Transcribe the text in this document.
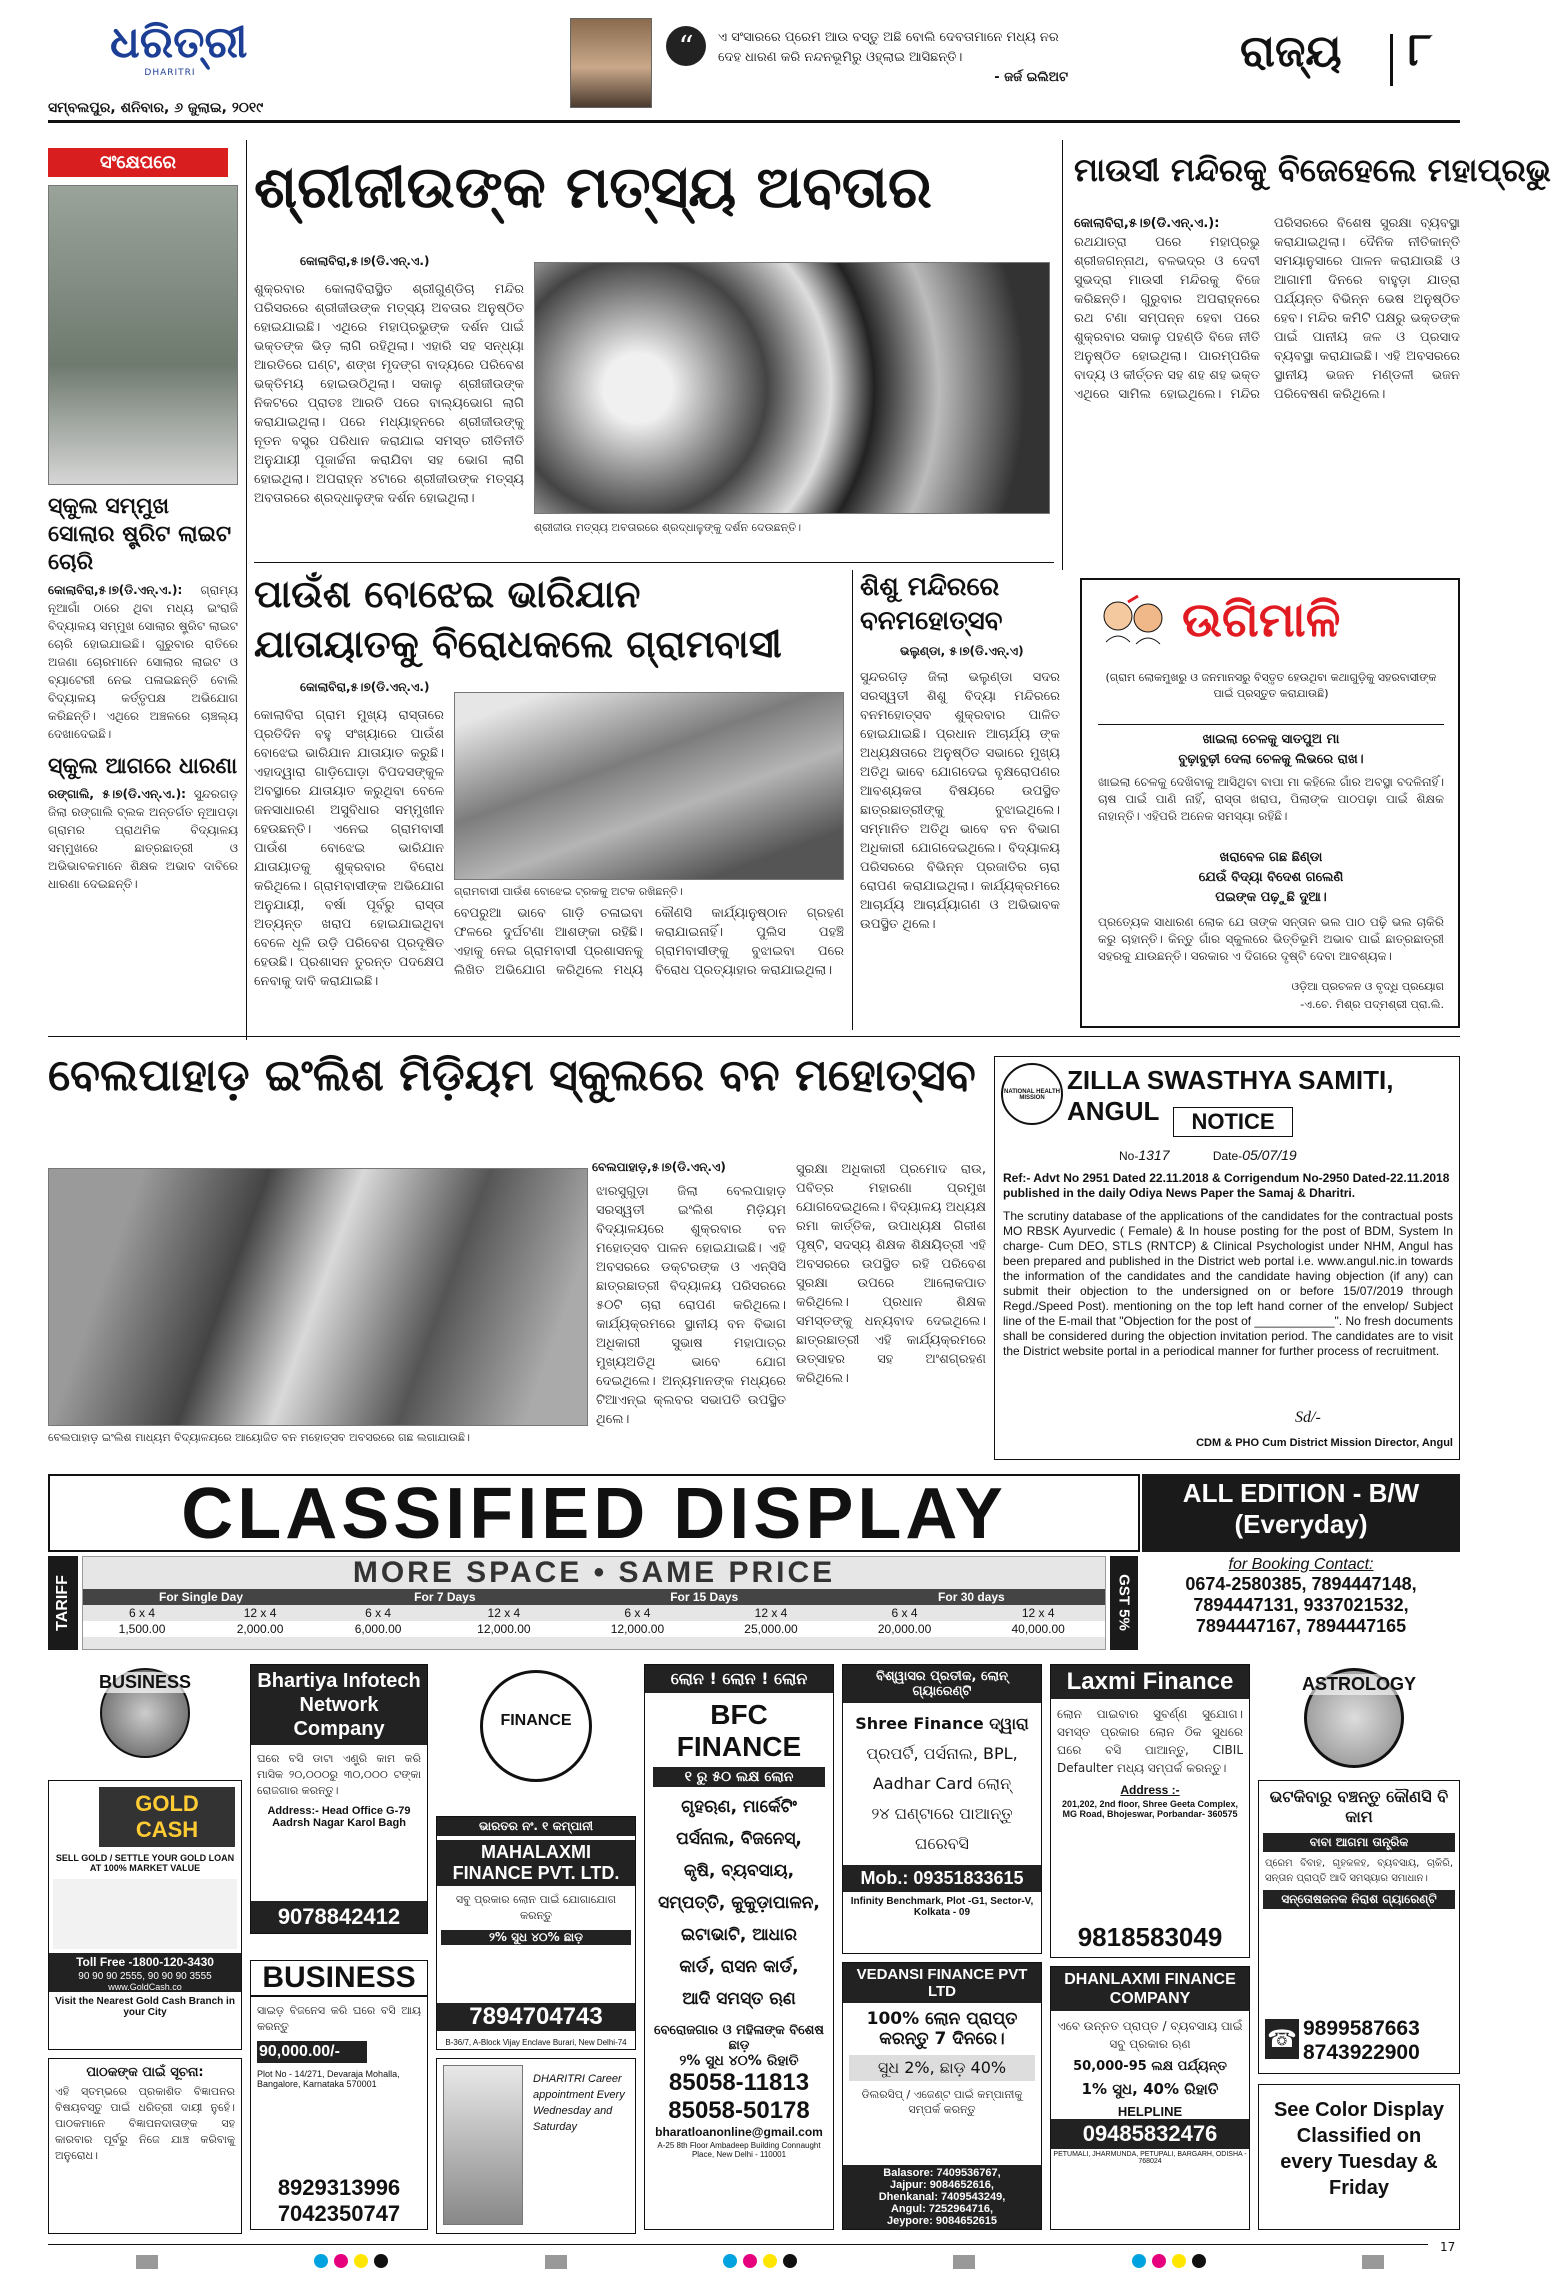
ଧରିତ୍ରୀ
DHARITRI
“	ଏ ସଂସାରରେ ପ୍ରେମ ଆଉ ବସ୍ତୁ ଅଛି ବୋଲି ଦେବତାମାନେ ମଧ୍ୟ ନର
ଦେହ ଧାରଣ କରି ନନ୍ଦନଭୂମିରୁ ଓହ୍ଲାଇ ଆସିଛନ୍ତି।
- ଜର୍ଜ ଇଲିଅଟ
ରାଜ୍ୟ ୮
ସମ୍ବଲପୁର, ଶନିବାର, ୬ ଜୁଲାଇ, ୨୦୧୯
ସଂକ୍ଷେପରେ
ସ୍କୁଲ ସମ୍ମୁଖ ସୋଲାର ଷ୍ଟ୍ରିଟ ଲାଇଟ ଚୋରି
କୋଲାବିରା,୫।୭(ଡି.ଏନ୍.ଏ.): ଗ୍ରାମ୍ୟ ନୂଆଗାଁ ଠାରେ ଥିବା ମଧ୍ୟ ଇଂରାଜି ବିଦ୍ୟାଳୟ ସମ୍ମୁଖ ସୋଲାର ଷ୍ଟ୍ରିଟ ଲାଇଟ ଚୋରି ହୋଇଯାଇଛି। ଗୁରୁବାର ରାତିରେ ଅଜଣା ଚୋରମାନେ ସୋଲାର ଲାଇଟ ଓ ବ୍ୟାଟେରୀ ନେଇ ପଳାଇଛନ୍ତି ବୋଲି ବିଦ୍ୟାଳୟ କର୍ତ୍ତୃପକ୍ଷ ଅଭିଯୋଗ କରିଛନ୍ତି। ଏଥିରେ ଅଞ୍ଚଳରେ ଚାଞ୍ଚଲ୍ୟ ଦେଖାଦେଇଛି।
ସ୍କୁଲ ଆଗରେ ଧାରଣା
ରଙ୍ଗାଲି, ୫।୭(ଡି.ଏନ୍.ଏ.): ସୁନ୍ଦରଗଡ଼ ଜିଲା ରଙ୍ଗାଲି ବ୍ଲକ ଅନ୍ତର୍ଗତ ନୂଆପଡ଼ା ଗ୍ରାମର ପ୍ରାଥମିକ ବିଦ୍ୟାଳୟ ସମ୍ମୁଖରେ ଛାତ୍ରଛାତ୍ରୀ ଓ ଅଭିଭାବକମାନେ ଶିକ୍ଷକ ଅଭାବ ଦାବିରେ ଧାରଣା ଦେଇଛନ୍ତି।
ଶ୍ରୀଜୀଉଙ୍କ ମତ୍ସ୍ୟ ଅବତାର
କୋଲାବିରା,୫।୭(ଡି.ଏନ୍.ଏ.)
ଶୁକ୍ରବାର କୋଲାବିରାସ୍ଥିତ ଶ୍ରୀଗୁଣ୍ଡିଚା ମନ୍ଦିର ପରିସରରେ ଶ୍ରୀଜୀଉଙ୍କ ମତ୍ସ୍ୟ ଅବତାର ଅନୁଷ୍ଠିତ ହୋଇଯାଇଛି। ଏଥିରେ ମହାପ୍ରଭୁଙ୍କ ଦର୍ଶନ ପାଇଁ ଭକ୍ତଙ୍କ ଭିଡ଼ ଲାଗି ରହିଥିଲା। ଏହାରି ସହ ସନ୍ଧ୍ୟା ଆରତିରେ ଘଣ୍ଟ, ଶଙ୍ଖ ମୃଦଙ୍ଗ ବାଦ୍ୟରେ ପରିବେଶ ଭକ୍ତିମୟ ହୋଇଉଠିଥିଲା। ସକାଳୁ ଶ୍ରୀଜୀଉଙ୍କ ନିକଟରେ ପ୍ରାତଃ ଆରତି ପରେ ବାଲ୍ୟଭୋଗ ଲାଗି କରାଯାଇଥିଲା। ପରେ ମଧ୍ୟାହ୍ନରେ ଶ୍ରୀଜୀଉଙ୍କୁ ନୂତନ ବସ୍ତ୍ର ପରିଧାନ କରାଯାଇ ସମସ୍ତ ରୀତିନୀତି ଅନୁଯାୟୀ ପୂଜାର୍ଚ୍ଚନା କରାଯିବା ସହ ଭୋଗ ଲାଗି ହୋଇଥିଲା। ଅପରାହ୍ନ ୪ଟାରେ ଶ୍ରୀଜୀଉଙ୍କ ମତ୍ସ୍ୟ ଅବତାରରେ ଶ୍ରଦ୍ଧାଳୁଙ୍କ ଦର୍ଶନ ହୋଇଥିଲା।
ଶ୍ରୀଜୀଉ ମତ୍ସ୍ୟ ଅବତାରରେ ଶ୍ରଦ୍ଧାଳୁଙ୍କୁ ଦର୍ଶନ ଦେଉଛନ୍ତି।
ମାଉସୀ ମନ୍ଦିରକୁ ବିଜେହେଲେ ମହାପ୍ରଭୁ
କୋଲାବିରା,୫।୭(ଡି.ଏନ୍.ଏ.): ରଥଯାତ୍ରା ପରେ ମହାପ୍ରଭୁ ଶ୍ରୀଜଗନ୍ନାଥ, ବଳଭଦ୍ର ଓ ଦେବୀ ସୁଭଦ୍ରା ମାଉସୀ ମନ୍ଦିରକୁ ବିଜେ କରିଛନ୍ତି। ଗୁରୁବାର ଅପରାହ୍ନରେ ରଥ ଟଣା ସମ୍ପନ୍ନ ହେବା ପରେ ଶୁକ୍ରବାର ସକାଳୁ ପହଣ୍ଡି ବିଜେ ନୀତି ଅନୁଷ୍ଠିତ ହୋଇଥିଲା। ପାରମ୍ପରିକ ବାଦ୍ୟ ଓ କୀର୍ତ୍ତନ ସହ ଶହ ଶହ ଭକ୍ତ ଏଥିରେ ସାମିଲ ହୋଇଥିଲେ। ମନ୍ଦିର ପରିସରରେ ବିଶେଷ ସୁରକ୍ଷା ବ୍ୟବସ୍ଥା କରାଯାଇଥିଲା। ଦୈନିକ ନୀତିକାନ୍ତି ସମୟାନୁସାରେ ପାଳନ କରାଯାଉଛି ଓ ଆଗାମୀ ଦିନରେ ବାହୁଡ଼ା ଯାତ୍ରା ପର୍ଯ୍ୟନ୍ତ ବିଭିନ୍ନ ଭେଷ ଅନୁଷ୍ଠିତ ହେବ। ମନ୍ଦିର କମିଟି ପକ୍ଷରୁ ଭକ୍ତଙ୍କ ପାଇଁ ପାନୀୟ ଜଳ ଓ ପ୍ରସାଦ ବ୍ୟବସ୍ଥା କରାଯାଇଛି। ଏହି ଅବସରରେ ସ୍ଥାନୀୟ ଭଜନ ମଣ୍ଡଳୀ ଭଜନ ପରିବେଷଣ କରିଥିଲେ।
ପାଉଁଶ ବୋଝେଇ ଭାରିଯାନ
ଯାତାୟାତକୁ ବିରୋଧକଲେ ଗ୍ରାମବାସୀ
କୋଲାବିରା,୫।୭(ଡି.ଏନ୍.ଏ.)
କୋଲାବିରା ଗ୍ରାମ ମୁଖ୍ୟ ରାସ୍ତାରେ ପ୍ରତିଦିନ ବହୁ ସଂଖ୍ୟାରେ ପାଉଁଶ ବୋଝେଇ ଭାରିଯାନ ଯାତାୟାତ କରୁଛି। ଏହାଦ୍ୱାରା ଗାଡ଼ିଘୋଡ଼ା ବିପଦସଙ୍କୁଳ ଅବସ୍ଥାରେ ଯାତାୟାତ କରୁଥିବା ବେଳେ ଜନସାଧାରଣ ଅସୁବିଧାର ସମ୍ମୁଖୀନ ହେଉଛନ୍ତି। ଏନେଇ ଗ୍ରାମବାସୀ ପାଉଁଶ ବୋଝେଇ ଭାରିଯାନ ଯାତାୟାତକୁ ଶୁକ୍ରବାର ବିରୋଧ କରିଥିଲେ। ଗ୍ରାମବାସୀଙ୍କ ଅଭିଯୋଗ ଅନୁଯାୟୀ, ବର୍ଷା ପୂର୍ବରୁ ରାସ୍ତା ଅତ୍ୟନ୍ତ ଖରାପ ହୋଇଯାଇଥିବା ବେଳେ ଧୂଳି ଉଡ଼ି ପରିବେଶ ପ୍ରଦୂଷିତ ହେଉଛି। ପ୍ରଶାସନ ତୁରନ୍ତ ପଦକ୍ଷେପ ନେବାକୁ ଦାବି କରାଯାଇଛି।
ଗ୍ରାମବାସୀ ପାଉଁଶ ବୋଝେଇ ଟ୍ରକକୁ ଅଟକ ରଖିଛନ୍ତି।
ବେପରୁଆ ଭାବେ ଗାଡ଼ି ଚଳାଇବା ଫଳରେ ଦୁର୍ଘଟଣା ଆଶଙ୍କା ରହିଛି। ଏହାକୁ ନେଇ ଗ୍ରାମବାସୀ ପ୍ରଶାସନକୁ ଲିଖିତ ଅଭିଯୋଗ କରିଥିଲେ ମଧ୍ୟ କୌଣସି କାର୍ଯ୍ୟାନୁଷ୍ଠାନ ଗ୍ରହଣ କରାଯାଇନାହିଁ। ପୁଲିସ ପହଞ୍ଚି ଗ୍ରାମବାସୀଙ୍କୁ ବୁଝାଇବା ପରେ ବିରୋଧ ପ୍ରତ୍ୟାହାର କରାଯାଇଥିଲା।
ଶିଶୁ ମନ୍ଦିରରେ ବନମହୋତ୍ସବ
ଭଲୁଣ୍ଡା, ୫।୭(ଡି.ଏନ୍.ଏ)
ସୁନ୍ଦରଗଡ଼ ଜିଲା ଭଲୁଣ୍ଡା ସଦର ସରସ୍ୱତୀ ଶିଶୁ ବିଦ୍ୟା ମନ୍ଦିରରେ ବନମହୋତ୍ସବ ଶୁକ୍ରବାର ପାଳିତ ହୋଇଯାଇଛି। ପ୍ରଧାନ ଆଚାର୍ଯ୍ୟ ଙ୍କ ଅଧ୍ୟକ୍ଷତାରେ ଅନୁଷ୍ଠିତ ସଭାରେ ମୁଖ୍ୟ ଅତିଥି ଭାବେ ଯୋଗଦେଇ ବୃକ୍ଷରୋପଣର ଆବଶ୍ୟକତା ବିଷୟରେ ଉପସ୍ଥିତ ଛାତ୍ରଛାତ୍ରୀଙ୍କୁ ବୁଝାଇଥିଲେ। ସମ୍ମାନିତ ଅତିଥି ଭାବେ ବନ ବିଭାଗ ଅଧିକାରୀ ଯୋଗଦେଇଥିଲେ। ବିଦ୍ୟାଳୟ ପରିସରରେ ବିଭିନ୍ନ ପ୍ରଜାତିର ଚାରା ରୋପଣ କରାଯାଇଥିଲା। କାର୍ଯ୍ୟକ୍ରମରେ ଆଚାର୍ଯ୍ୟ ଆଚାର୍ଯ୍ୟାଗଣ ଓ ଅଭିଭାବକ ଉପସ୍ଥିତ ଥିଲେ।
ଉଗିମାଳି
(ଗ୍ରାମ ଲୋକମୁଖରୁ ଓ ଜନମାନସରୁ ବିସ୍ତୃତ ହେଉଥିବା କଥାଗୁଡ଼ିକୁ ସହରବାସୀଙ୍କ ପାଇଁ ପ୍ରସ୍ତୁତ କରାଯାଉଛି)
ଖାଇଲା ଚେଳକୁ ସାତପୁଅ ମା
ବୁଢ଼ାବୁଢ଼ୀ ଦେଲା ଚେଳକୁ ଲିଭରେ ରାଖ।
ଖାଇଲା ଚେଳକୁ ଦେଖିବାକୁ ଆସିଥିବା ବାପା ମା କହିଲେ ଗାଁର ଅବସ୍ଥା ବଦଳିନାହିଁ। ଚାଷ ପାଇଁ ପାଣି ନାହିଁ, ରାସ୍ତା ଖରାପ, ପିଲାଙ୍କ ପାଠପଢ଼ା ପାଇଁ ଶିକ୍ଷକ ନାହାନ୍ତି। ଏହିପରି ଅନେକ ସମସ୍ୟା ରହିଛି।
ଖରାବେଳ ଗଛ ଛିଣ୍ଡା
ଯେଉଁ ବିଦ୍ୟା ବିଦେଶ ଗଲେଣି
ପଇଙ୍କ ପଢ଼ୁଛି ଦୁଆ।
ପ୍ରତ୍ୟେକ ସାଧାରଣ ଲୋକ ଯେ ତାଙ୍କ ସନ୍ତାନ ଭଲ ପାଠ ପଢ଼ି ଭଲ ଚାକିରି କରୁ ଚାହାନ୍ତି। କିନ୍ତୁ ଗାଁର ସ୍କୁଲରେ ଭିତ୍ତିଭୂମି ଅଭାବ ପାଇଁ ଛାତ୍ରଛାତ୍ରୀ ସହରକୁ ଯାଉଛନ୍ତି। ସରକାର ଏ ଦିଗରେ ଦୃଷ୍ଟି ଦେବା ଆବଶ୍ୟକ।
ଓଡ଼ିଆ ପ୍ରଚଳନ ଓ ବୃଦ୍ଧି ପ୍ରୟୋଗ
-ଏ.ଚେ. ମିଶ୍ର ପଦ୍ମଶ୍ରୀ ପ୍ରା.ଲି.
ବେଲପାହାଡ଼ ଇଂଲିଶ ମିଡ଼ିୟମ ସ୍କୁଲରେ ବନ ମହୋତ୍ସବ
ବେଲପାହାଡ଼ ଇଂଲିଶ ମାଧ୍ୟମ ବିଦ୍ୟାଳୟରେ ଆୟୋଜିତ ବନ ମହୋତ୍ସବ ଅବସରରେ ଗଛ ଲଗାଯାଉଛି।
ବେଲପାହାଡ଼,୫।୭(ଡି.ଏନ୍.ଏ)
ଝାରସୁଗୁଡ଼ା ଜିଲା ବେଲପାହାଡ଼ ସରସ୍ୱତୀ ଇଂଲିଶ ମିଡ଼ିୟମ ବିଦ୍ୟାଳୟରେ ଶୁକ୍ରବାର ବନ ମହୋତ୍ସବ ପାଳନ ହୋଇଯାଇଛି। ଏହି ଅବସରରେ ଡକ୍ଟରଙ୍କ ଓ ଏନ୍ସିସି ଛାତ୍ରଛାତ୍ରୀ ବିଦ୍ୟାଳୟ ପରିସରରେ ୫୦ଟି ଚାରା ରୋପଣ କରିଥିଲେ। କାର୍ଯ୍ୟକ୍ରମରେ ସ୍ଥାନୀୟ ବନ ବିଭାଗ ଅଧିକାରୀ ସୁଭାଷ ମହାପାତ୍ର ମୁଖ୍ୟଅତିଥି ଭାବେ ଯୋଗ ଦେଇଥିଲେ। ଅନ୍ୟମାନଙ୍କ ମଧ୍ୟରେ ଟିଆଏନ୍ଇ କ୍ଲବର ସଭାପତି ଉପସ୍ଥିତ ଥିଲେ।
ସୁରକ୍ଷା ଅଧିକାରୀ ପ୍ରମୋଦ ରାଉ, ପବିତ୍ର ମହାରଣା ପ୍ରମୁଖ ଯୋଗଦେଇଥିଲେ। ବିଦ୍ୟାଳୟ ଅଧ୍ୟକ୍ଷ ରମା କାର୍ତ୍ତିକ, ଉପାଧ୍ୟକ୍ଷ ଗିରୀଶ ପୃଷ୍ଟି, ସଦସ୍ୟ ଶିକ୍ଷକ ଶିକ୍ଷୟିତ୍ରୀ ଏହି ଅବସରରେ ଉପସ୍ଥିତ ରହି ପରିବେଶ ସୁରକ୍ଷା ଉପରେ ଆଲୋକପାତ କରିଥିଲେ। ପ୍ରଧାନ ଶିକ୍ଷକ ସମସ୍ତଙ୍କୁ ଧନ୍ୟବାଦ ଦେଇଥିଲେ। ଛାତ୍ରଛାତ୍ରୀ ଏହି କାର୍ଯ୍ୟକ୍ରମରେ ଉତ୍ସାହର ସହ ଅଂଶଗ୍ରହଣ କରିଥିଲେ।
NATIONAL HEALTH MISSION
ZILLA SWASTHYA SAMITI, ANGUL	NOTICE
No-1317	Date-05/07/19
Ref:- Advt No 2951 Dated 22.11.2018 & Corrigendum No-2950 Dated-22.11.2018 published in the daily Odiya News Paper the Samaj & Dharitri.
The scrutiny database of the applications of the candidates for the contractual posts MO RBSK Ayurvedic ( Female) & In house posting for the post of BDM, System In charge- Cum DEO, STLS (RNTCP) & Clinical Psychologist under NHM, Angul has been prepared and published in the District web portal i.e. www.angul.nic.in towards the information of the candidates and the candidate having objection (if any) can submit their objection to the undersigned on or before 15/07/2019 through Regd./Speed Post). mentioning on the top left hand corner of the envelop/ Subject line of the E-mail that "Objection for the post of ____________". No fresh documents shall be considered during the objection invitation period. The candidates are to visit the District website portal in a periodical manner for further process of recruitment.
Sd/-
CDM & PHO Cum District Mission Director, Angul
CLASSIFIED DISPLAY	ALL EDITION - B/W
(Everyday)
TARIFF
MORE SPACE • SAME PRICE
For Single Day		For 7 Days		For 15 Days		For 30 days	
6 x 4	12 x 4	6 x 4	12 x 4	6 x 4	12 x 4	6 x 4	12 x 4
1,500.00	2,000.00	6,000.00	12,000.00	12,000.00	25,000.00	20,000.00	40,000.00	GST 5%
for Booking Contact:
0674-2580385, 7894447148,
7894447131, 9337021532,
7894447167, 7894447165
BUSINESS
GOLD CASH
SELL GOLD / SETTLE YOUR GOLD LOAN AT 100% MARKET VALUE
Toll Free -1800-120-3430
90 90 90 2555, 90 90 90 3555
www.GoldCash.co
Visit the Nearest Gold Cash Branch in your City
ପାଠକଙ୍କ ପାଇଁ ସୂଚନା:
ଏହି ସ୍ତମ୍ଭରେ ପ୍ରକାଶିତ ବିଜ୍ଞାପନର ବିଷୟବସ୍ତୁ ପାଇଁ ଧରିତ୍ରୀ ଦାୟୀ ନୁହେଁ। ପାଠକମାନେ ବିଜ୍ଞାପନଦାତାଙ୍କ ସହ କାରବାର ପୂର୍ବରୁ ନିଜେ ଯାଞ୍ଚ କରିବାକୁ ଅନୁରୋଧ।
Bhartiya Infotech Network Company
ଘରେ ବସି ଡାଟା ଏଣ୍ଟ୍ରି କାମ କରି ମାସିକ ୨୦,୦୦୦ରୁ ୩୦,୦୦୦ ଟଙ୍କା ରୋଜଗାର କରନ୍ତୁ।
Address:- Head Office G-79 Aadrsh Nagar Karol Bagh
9078842412
BUSINESS
ସାଇଡ଼ ବିଜନେସ କରି ଘରେ ବସି ଆୟ କରନ୍ତୁ
90,000.00/-
Plot No - 14/271, Devaraja Mohalla, Bangalore, Karnataka 570001
8929313996
7042350747
FINANCE
ଭାରତର ନଂ. ୧ କମ୍ପାନୀ
MAHALAXMI FINANCE PVT. LTD.
ସବୁ ପ୍ରକାର ଲୋନ ପାଇଁ ଯୋଗାଯୋଗ କରନ୍ତୁ
୨% ସୁଧ ୪୦% ଛାଡ଼
7894704743
B-36/7, A-Block Vijay Enclave Burari, New Delhi-74
DHARITRI Career appointment Every Wednesday and Saturday
ଲୋନ ! ଲୋନ ! ଲୋନ
BFC FINANCE
୧ ରୁ ୫୦ ଲକ୍ଷ ଲୋନ
ଗୃହଋଣ, ମାର୍କେଟିଂ
ପର୍ସନାଲ, ବିଜନେସ୍,
କୃଷି, ବ୍ୟବସାୟ,
ସମ୍ପତ୍ତି, କୁକୁଡ଼ାପାଳନ,
ଇଟାଭାଟି, ଆଧାର
କାର୍ଡ, ରାସନ କାର୍ଡ,
ଆଦି ସମସ୍ତ ଋଣ
ବେରୋଜଗାର ଓ ମହିଳାଙ୍କ ବିଶେଷ ଛାଡ଼
୨% ସୁଧ ୪୦% ରିହାତି
85058-11813
85058-50178
bharatloanonline@gmail.com
A-25 8th Floor Ambadeep Building Connaught Place, New Delhi - 110001
ବିଶ୍ୱାସର ପ୍ରତୀକ, ଲୋନ୍ ଗ୍ୟାରେଣ୍ଟି
Shree Finance ଦ୍ୱାରା
ପ୍ରପର୍ଟି, ପର୍ସନାଲ, BPL,
Aadhar Card ଲୋନ୍
୨୪ ଘଣ୍ଟାରେ ପାଆନ୍ତୁ
ଘରେବସି
Mob.: 09351833615
Infinity Benchmark, Plot -G1, Sector-V, Kolkata - 09
VEDANSI FINANCE PVT LTD
100% ଲୋନ ପ୍ରାପ୍ତ
କରନ୍ତୁ 7 ଦିନରେ।
ସୁଧ 2%, ଛାଡ଼ 40%
ଡିଲରସିପ୍ / ଏଜେଣ୍ଟ ପାଇଁ କମ୍ପାନୀକୁ ସମ୍ପର୍କ କରନ୍ତୁ
Balasore: 7409536767,
Jajpur: 9084652616,
Dhenkanal: 7409543249,
Angul: 7252964716,
Jeypore: 9084652615
Laxmi Finance
ଲୋନ ପାଇବାର ସୁବର୍ଣ୍ଣ ସୁଯୋଗ। ସମସ୍ତ ପ୍ରକାର ଲୋନ ଠିକ ସୁଧରେ ଘରେ ବସି ପାଆନ୍ତୁ, CIBIL Defaulter ମଧ୍ୟ ସମ୍ପର୍କ କରନ୍ତୁ।
Address :-
201,202, 2nd floor, Shree Geeta Complex, MG Road, Bhojeswar, Porbandar- 360575
9818583049
DHANLAXMI FINANCE COMPANY
ଏବେ ଉନ୍ନତ ପ୍ରାପ୍ତ / ବ୍ୟବସାୟ ପାଇଁ ସବୁ ପ୍ରକାର ଋଣ
50,000-95 ଲକ୍ଷ ପର୍ଯ୍ୟନ୍ତ
1% ସୁଧ, 40% ରିହାତି
HELPLINE
09485832476
PETUMALI, JHARMUNDA, PETUPALI, BARGARH, ODISHA - 768024
ASTROLOGY
ଭଟକିବାରୁ ବଞ୍ଚନ୍ତୁ କୌଣସି ବି କାମ
ବାବା ଆଗମା ତାନ୍ତ୍ରିକ
ପ୍ରେମ ବିବାହ, ଗୃହକଳହ, ବ୍ୟବସାୟ, ଚାକିରି, ସନ୍ତାନ ପ୍ରାପ୍ତି ଆଦି ସମସ୍ୟାର ସମାଧାନ।
ସନ୍ତୋଷଜନକ ନିରାଶ ଗ୍ୟାରେଣ୍ଟି
☎ 9899587663
8743922900
See Color Display Classified on every Tuesday & Friday
17
